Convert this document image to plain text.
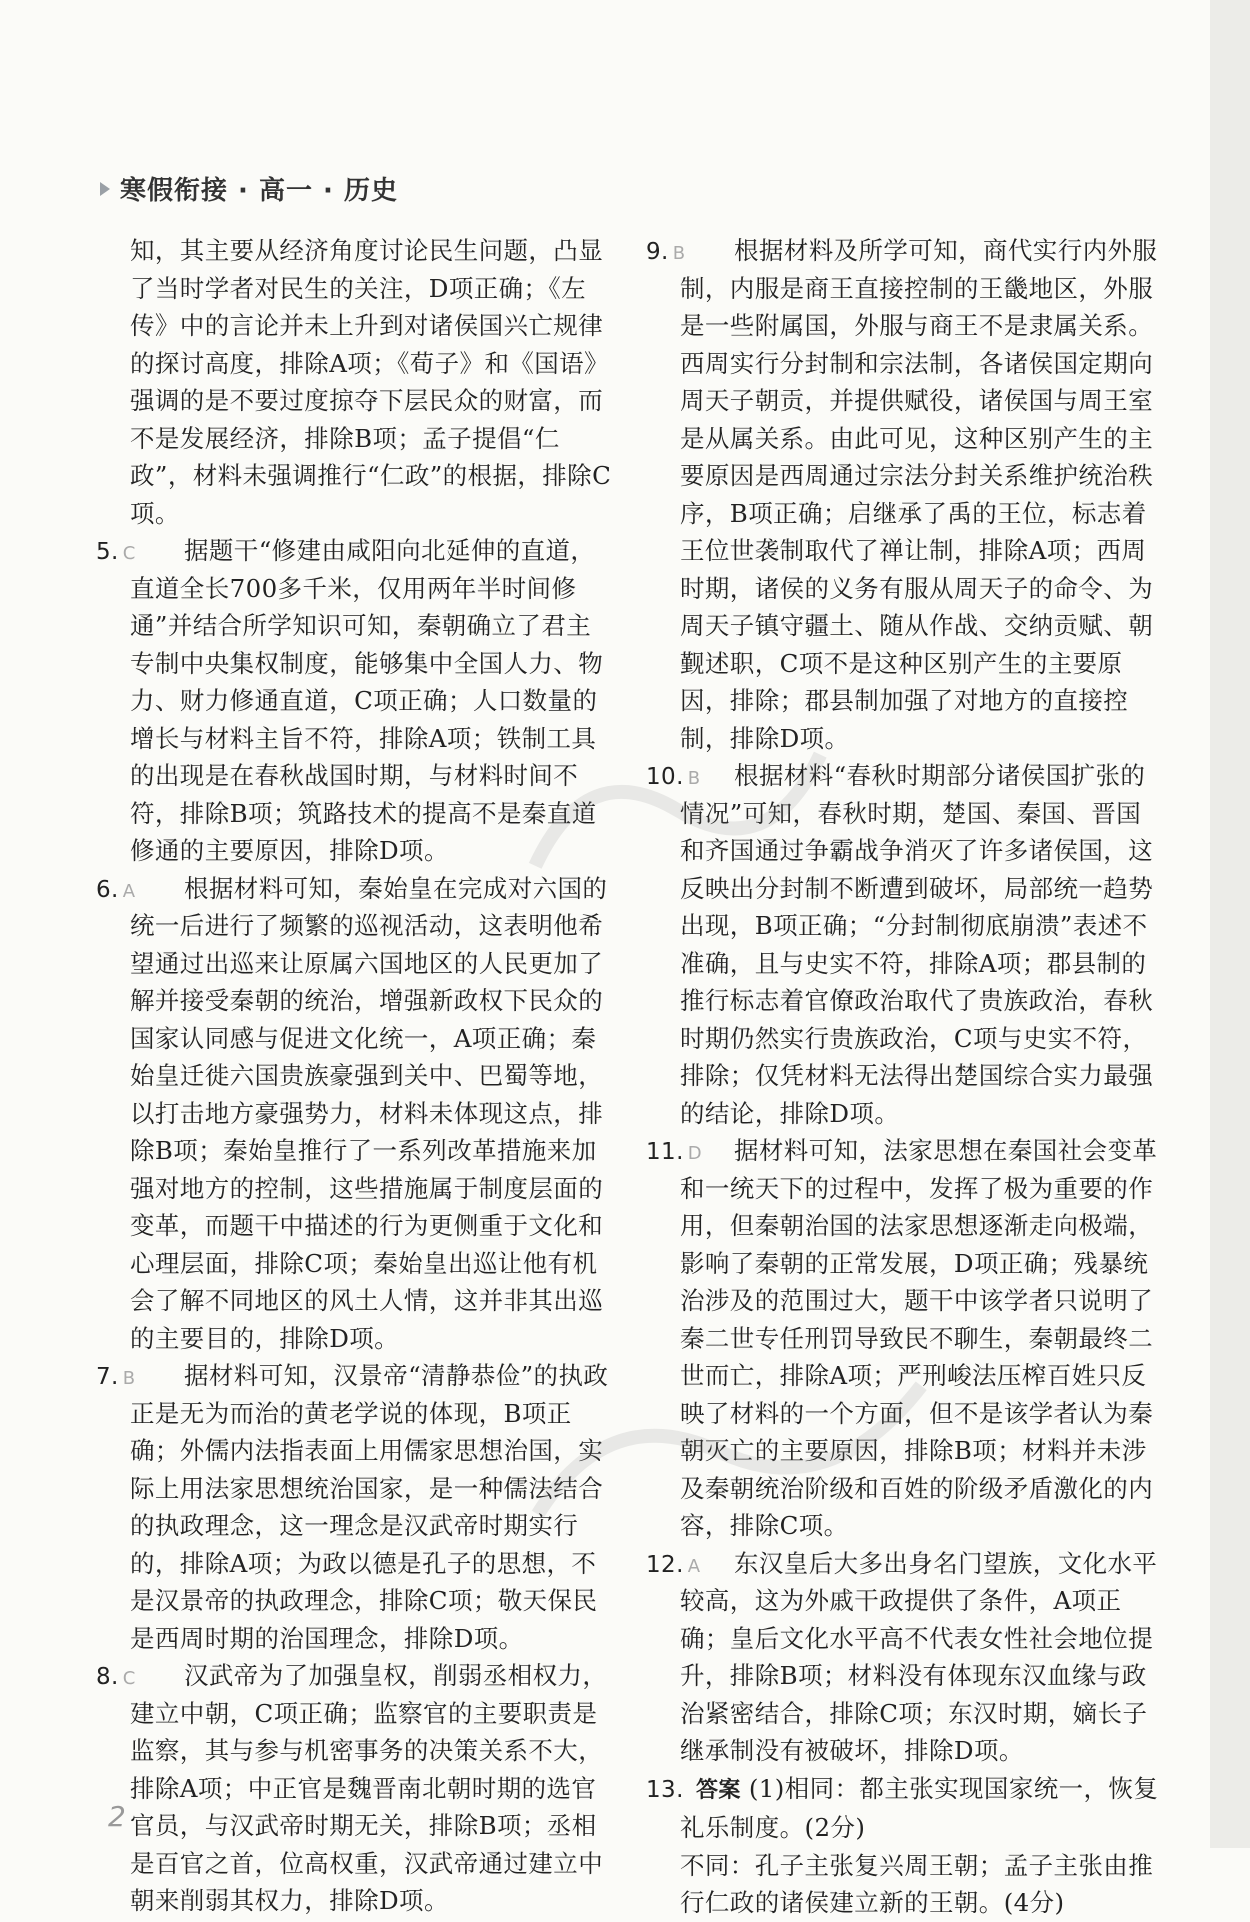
寒假衔接 · 高一 · 历史

知，其主要从经济角度讨论民生问题，凸显了当时学者对民生的关注，D项正确；《左传》中的言论并未上升到对诸侯国兴亡规律的探讨高度，排除A项；《荀子》和《国语》强调的是不要过度掠夺下层民众的财富，而不是发展经济，排除B项；孟子提倡“仁政”，材料未强调推行“仁政”的根据，排除C项。

5. C 据题干“修建由咸阳向北延伸的直道，直道全长700多千米，仅用两年半时间修通”并结合所学知识可知，秦朝确立了君主专制中央集权制度，能够集中全国人力、物力、财力修通直道，C项正确；人口数量的增长与材料主旨不符，排除A项；铁制工具的出现是在春秋战国时期，与材料时间不符，排除B项；筑路技术的提高不是秦直道修通的主要原因，排除D项。

6. A 根据材料可知，秦始皇在完成对六国的统一后进行了频繁的巡视活动，这表明他希望通过出巡来让原属六国地区的人民更加了解并接受秦朝的统治，增强新政权下民众的国家认同感与促进文化统一，A项正确；秦始皇迁徙六国贵族豪强到关中、巴蜀等地，以打击地方豪强势力，材料未体现这点，排除B项；秦始皇推行了一系列改革措施来加强对地方的控制，这些措施属于制度层面的变革，而题干中描述的行为更侧重于文化和心理层面，排除C项；秦始皇出巡让他有机会了解不同地区的风土人情，这并非其出巡的主要目的，排除D项。

7. B 据材料可知，汉景帝“清静恭俭”的执政正是无为而治的黄老学说的体现，B项正确；外儒内法指表面上用儒家思想治国，实际上用法家思想统治国家，是一种儒法结合的执政理念，这一理念是汉武帝时期实行的，排除A项；为政以德是孔子的思想，不是汉景帝的执政理念，排除C项；敬天保民是西周时期的治国理念，排除D项。

8. C 汉武帝为了加强皇权，削弱丞相权力，建立中朝，C项正确；监察官的主要职责是监察，其与参与机密事务的决策关系不大，排除A项；中正官是魏晋南北朝时期的选官官员，与汉武帝时期无关，排除B项；丞相是百官之首，位高权重，汉武帝通过建立中朝来削弱其权力，排除D项。

9. B 根据材料及所学可知，商代实行内外服制，内服是商王直接控制的王畿地区，外服是一些附属国，外服与商王不是隶属关系。西周实行分封制和宗法制，各诸侯国定期向周天子朝贡，并提供赋役，诸侯国与周王室是从属关系。由此可见，这种区别产生的主要原因是西周通过宗法分封关系维护统治秩序，B项正确；启继承了禹的王位，标志着王位世袭制取代了禅让制，排除A项；西周时期，诸侯的义务有服从周天子的命令、为周天子镇守疆土、随从作战、交纳贡赋、朝觐述职，C项不是这种区别产生的主要原因，排除；郡县制加强了对地方的直接控制，排除D项。

10. B 根据材料“春秋时期部分诸侯国扩张的情况”可知，春秋时期，楚国、秦国、晋国和齐国通过争霸战争消灭了许多诸侯国，这反映出分封制不断遭到破坏，局部统一趋势出现，B项正确；“分封制彻底崩溃”表述不准确，且与史实不符，排除A项；郡县制的推行标志着官僚政治取代了贵族政治，春秋时期仍然实行贵族政治，C项与史实不符，排除；仅凭材料无法得出楚国综合实力最强的结论，排除D项。

11. D 据材料可知，法家思想在秦国社会变革和一统天下的过程中，发挥了极为重要的作用，但秦朝治国的法家思想逐渐走向极端，影响了秦朝的正常发展，D项正确；残暴统治涉及的范围过大，题干中该学者只说明了秦二世专任刑罚导致民不聊生，秦朝最终二世而亡，排除A项；严刑峻法压榨百姓只反映了材料的一个方面，但不是该学者认为秦朝灭亡的主要原因，排除B项；材料并未涉及秦朝统治阶级和百姓的阶级矛盾激化的内容，排除C项。

12. A 东汉皇后大多出身名门望族，文化水平较高，这为外戚干政提供了条件，A项正确；皇后文化水平高不代表女性社会地位提升，排除B项；材料没有体现东汉血缘与政治紧密结合，排除C项；东汉时期，嫡长子继承制没有被破坏，排除D项。

13. 答案 (1)相同：都主张实现国家统一，恢复礼乐制度。(2分)
不同：孔子主张复兴周王朝；孟子主张由推行仁政的诸侯建立新的王朝。(4分)

2
